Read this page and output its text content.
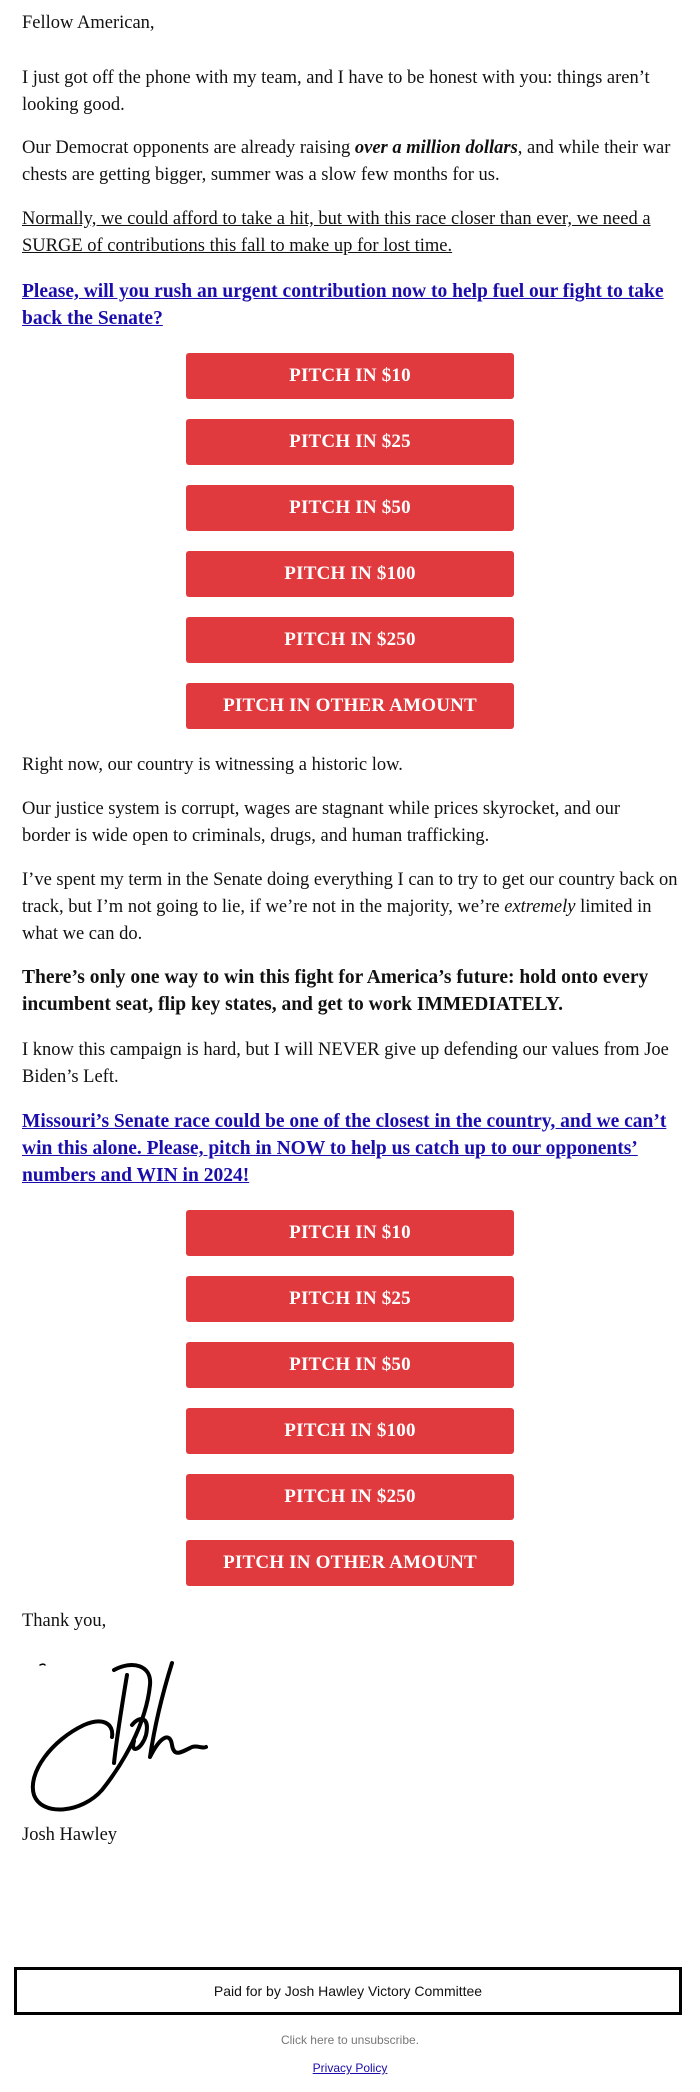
Fellow American,

I just got off the phone with my team, and I have to be honest with you: things aren’t looking good.

Our Democrat opponents are already raising over a million dollars, and while their war chests are getting bigger, summer was a slow few months for us.

Normally, we could afford to take a hit, but with this race closer than ever, we need a SURGE of contributions this fall to make up for lost time.

Please, will you rush an urgent contribution now to help fuel our fight to take back the Senate?
PITCH IN $10
PITCH IN $25
PITCH IN $50
PITCH IN $100
PITCH IN $250
PITCH IN OTHER AMOUNT

Right now, our country is witnessing a historic low.

Our justice system is corrupt, wages are stagnant while prices skyrocket, and our border is wide open to criminals, drugs, and human trafficking.

I’ve spent my term in the Senate doing everything I can to try to get our country back on track, but I’m not going to lie, if we’re not in the majority, we’re extremely limited in what we can do.

There’s only one way to win this fight for America’s future: hold onto every incumbent seat, flip key states, and get to work IMMEDIATELY.

I know this campaign is hard, but I will NEVER give up defending our values from Joe Biden’s Left.

Missouri’s Senate race could be one of the closest in the country, and we can’t win this alone. Please, pitch in NOW to help us catch up to our opponents’ numbers and WIN in 2024!
PITCH IN $10
PITCH IN $25
PITCH IN $50
PITCH IN $100
PITCH IN $250
PITCH IN OTHER AMOUNT

Thank you,

Josh Hawley

Paid for by Josh Hawley Victory Committee
Click here to unsubscribe.
Privacy Policy
